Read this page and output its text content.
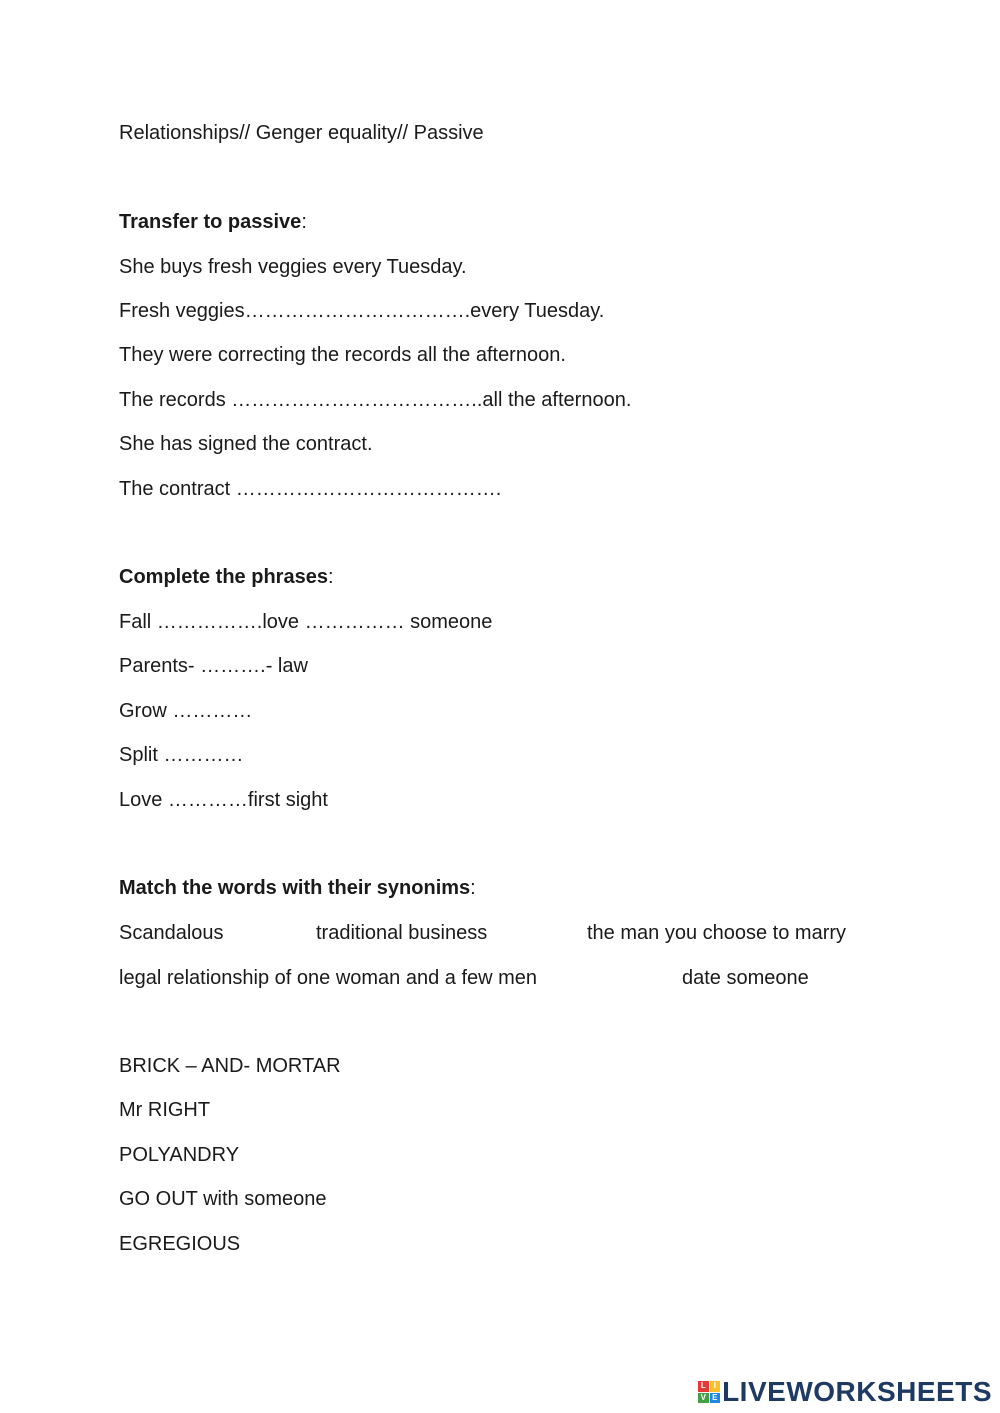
Relationships// Genger equality// Passive
Transfer to passive:
She buys fresh veggies every Tuesday.
Fresh veggies…………………………….every Tuesday.
They were correcting the records all the afternoon.
The records ………………………………..all the afternoon.
She has signed the contract.
The contract ………………………………….
Complete the phrases:
Fall …………….love …………… someone
Parents- ……….- law
Grow …………
Split …………
Love …………first sight
Match the words with their synonims:
Scandalous	traditional business	the man you choose to marry
legal relationship of one woman and a few men	date someone
BRICK – AND- MORTAR
Mr RIGHT
POLYANDRY
GO OUT with someone
EGREGIOUS
L I
V E LIVEWORKSHEETS
